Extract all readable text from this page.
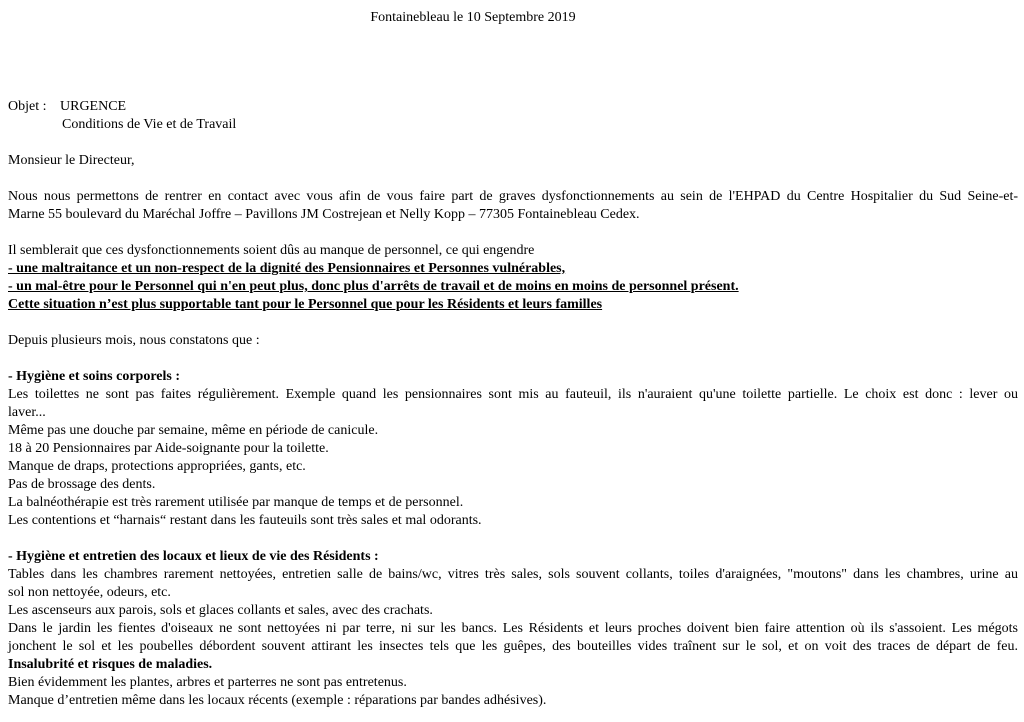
Fontainebleau le 10 Septembre 2019
Objet : URGENCE

Conditions de Vie et de Travail

Monsieur le Directeur,

Nous nous permettons de rentrer en contact avec vous afin de vous faire part de graves dysfonctionnements au sein de l'EHPAD du Centre Hospitalier du Sud Seine-et-

Marne 55 boulevard du Maréchal Joffre – Pavillons JM Costrejean et Nelly Kopp – 77305 Fontainebleau Cedex.

Il semblerait que ces dysfonctionnements soient dûs au manque de personnel, ce qui engendre

- une maltraitance et un non-respect de la dignité des Pensionnaires et Personnes vulnérables,

- un mal-être pour le Personnel qui n'en peut plus, donc plus d'arrêts de travail et de moins en moins de personnel présent.

Cette situation n’est plus supportable tant pour le Personnel que pour les Résidents et leurs familles

Depuis plusieurs mois, nous constatons que :

- Hygiène et soins corporels :

Les toilettes ne sont pas faites régulièrement. Exemple quand les pensionnaires sont mis au fauteuil, ils n'auraient qu'une toilette partielle. Le choix est donc : lever ou

laver...

Même pas une douche par semaine, même en période de canicule.

18 à 20 Pensionnaires par Aide-soignante pour la toilette.

Manque de draps, protections appropriées, gants, etc.

Pas de brossage des dents.

La balnéothérapie est très rarement utilisée par manque de temps et de personnel.

Les contentions et “harnais“ restant dans les fauteuils sont très sales et mal odorants.

- Hygiène et entretien des locaux et lieux de vie des Résidents :

Tables dans les chambres rarement nettoyées, entretien salle de bains/wc, vitres très sales, sols souvent collants, toiles d'araignées, "moutons" dans les chambres, urine au

sol non nettoyée, odeurs, etc.

Les ascenseurs aux parois, sols et glaces collants et sales, avec des crachats.

Dans le jardin les fientes d'oiseaux ne sont nettoyées ni par terre, ni sur les bancs. Les Résidents et leurs proches doivent bien faire attention où ils s'assoient. Les mégots

jonchent le sol et les poubelles débordent souvent attirant les insectes tels que les guêpes, des bouteilles vides traînent sur le sol, et on voit des traces de départ de feu.

Insalubrité et risques de maladies.

Bien évidemment les plantes, arbres et parterres ne sont pas entretenus.

Manque d’entretien même dans les locaux récents (exemple : réparations par bandes adhésives).
